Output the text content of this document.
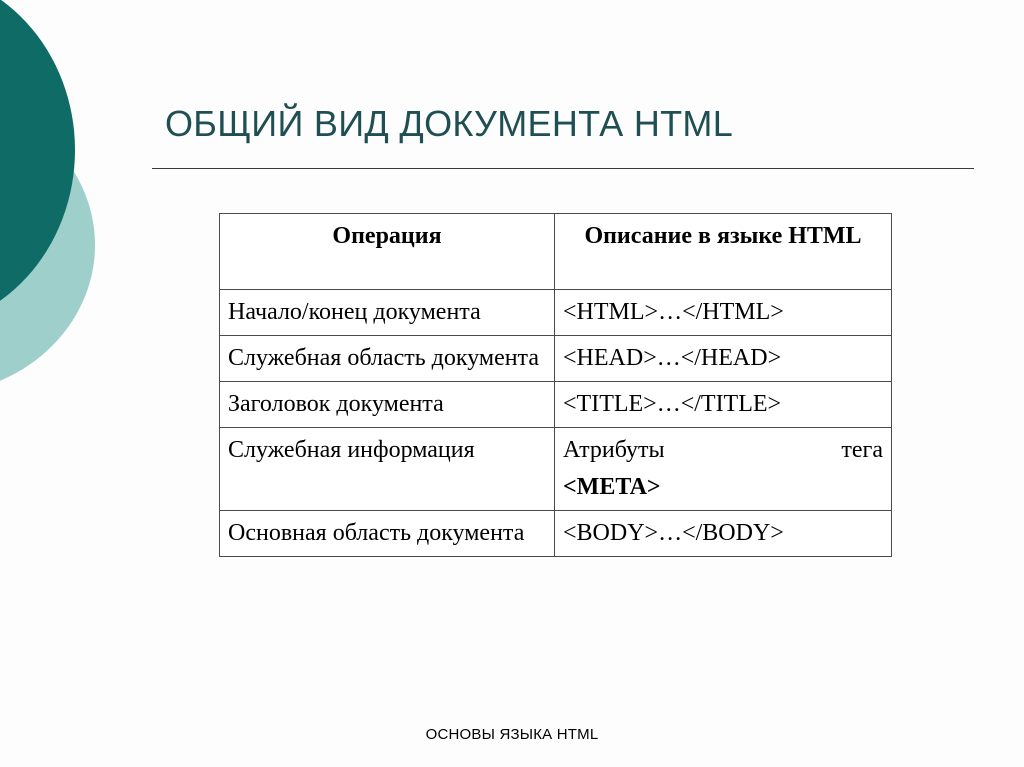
ОБЩИЙ ВИД ДОКУМЕНТА HTML
Операция	Описание в языке HTML
Начало/конец документа	<HTML>…</HTML>
Служебная область документа	<HEAD>…</HEAD>
Заголовок документа	<TITLE>…</TITLE>
Служебная информация	Атрибуты тега
<META>

Основная область документа	<BODY>…</BODY>
ОСНОВЫ ЯЗЫКА HTML
